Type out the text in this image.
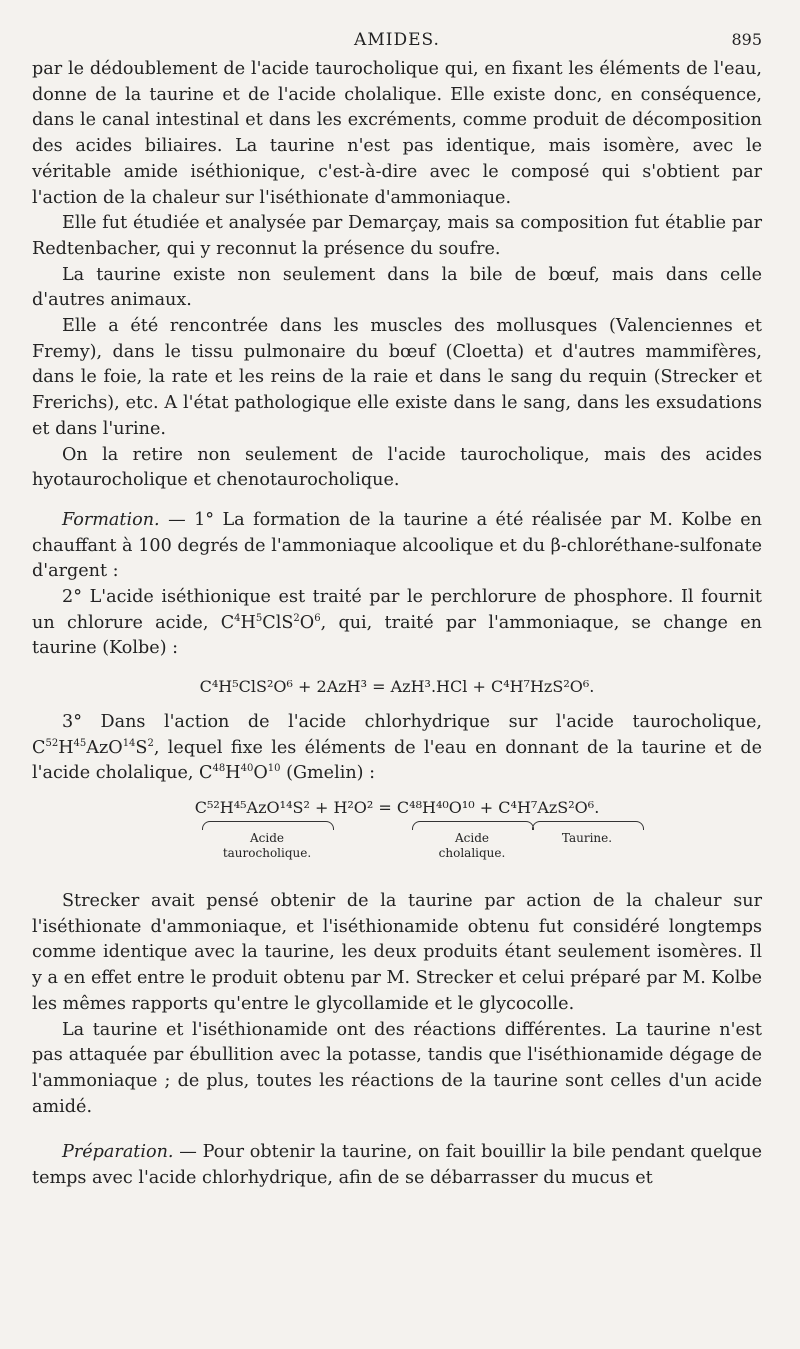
AMIDES.	895

par le dédoublement de l'acide taurocholique qui, en fixant les éléments de l'eau, donne de la taurine et de l'acide cholalique. Elle existe donc, en conséquence, dans le canal intestinal et dans les excréments, comme produit de décomposition des acides biliaires. La taurine n'est pas identique, mais isomère, avec le véritable amide iséthionique, c'est-à-dire avec le composé qui s'obtient par l'action de la chaleur sur l'iséthionate d'ammoniaque.

Elle fut étudiée et analysée par Demarçay, mais sa composition fut établie par Redtenbacher, qui y reconnut la présence du soufre.

La taurine existe non seulement dans la bile de bœuf, mais dans celle d'autres animaux.

Elle a été rencontrée dans les muscles des mollusques (Valenciennes et Fremy), dans le tissu pulmonaire du bœuf (Cloetta) et d'autres mammifères, dans le foie, la rate et les reins de la raie et dans le sang du requin (Strecker et Frerichs), etc. A l'état pathologique elle existe dans le sang, dans les exsudations et dans l'urine.

On la retire non seulement de l'acide taurocholique, mais des acides hyotaurocholique et chenotaurocholique.

Formation. — 1° La formation de la taurine a été réalisée par M. Kolbe en chauffant à 100 degrés de l'ammoniaque alcoolique et du β-chloréthane-sulfonate d'argent :

2° L'acide iséthionique est traité par le perchlorure de phosphore. Il fournit un chlorure acide, $C^4H^5ClS^2O^6$, qui, traité par l'ammoniaque, se change en taurine (Kolbe) :

C⁴H⁵ClS²O⁶ + 2AzH³ = AzH³.HCl + C⁴H⁷HzS²O⁶.

3° Dans l'action de l'acide chlorhydrique sur l'acide taurocholique, $C^{52}H^{45}AzO^{14}S^2$, lequel fixe les éléments de l'eau en donnant de la taurine et de l'acide cholalique, $C^{48}H^{40}O^{10}$ (Gmelin) :

C⁵²H⁴⁵AzO¹⁴S² + H²O² = C⁴⁸H⁴⁰O¹⁰ + C⁴H⁷AzS²O⁶.
Acide
taurocholique.
Acide
cholalique.
Taurine.

Strecker avait pensé obtenir de la taurine par action de la chaleur sur l'iséthionate d'ammoniaque, et l'iséthionamide obtenu fut considéré longtemps comme identique avec la taurine, les deux produits étant seulement isomères. Il y a en effet entre le produit obtenu par M. Strecker et celui préparé par M. Kolbe les mêmes rapports qu'entre le glycollamide et le glycocolle.

La taurine et l'iséthionamide ont des réactions différentes. La taurine n'est pas attaquée par ébullition avec la potasse, tandis que l'iséthionamide dégage de l'ammoniaque ; de plus, toutes les réactions de la taurine sont celles d'un acide amidé.

Préparation. — Pour obtenir la taurine, on fait bouillir la bile pendant quelque temps avec l'acide chlorhydrique, afin de se débarrasser du mucus et
